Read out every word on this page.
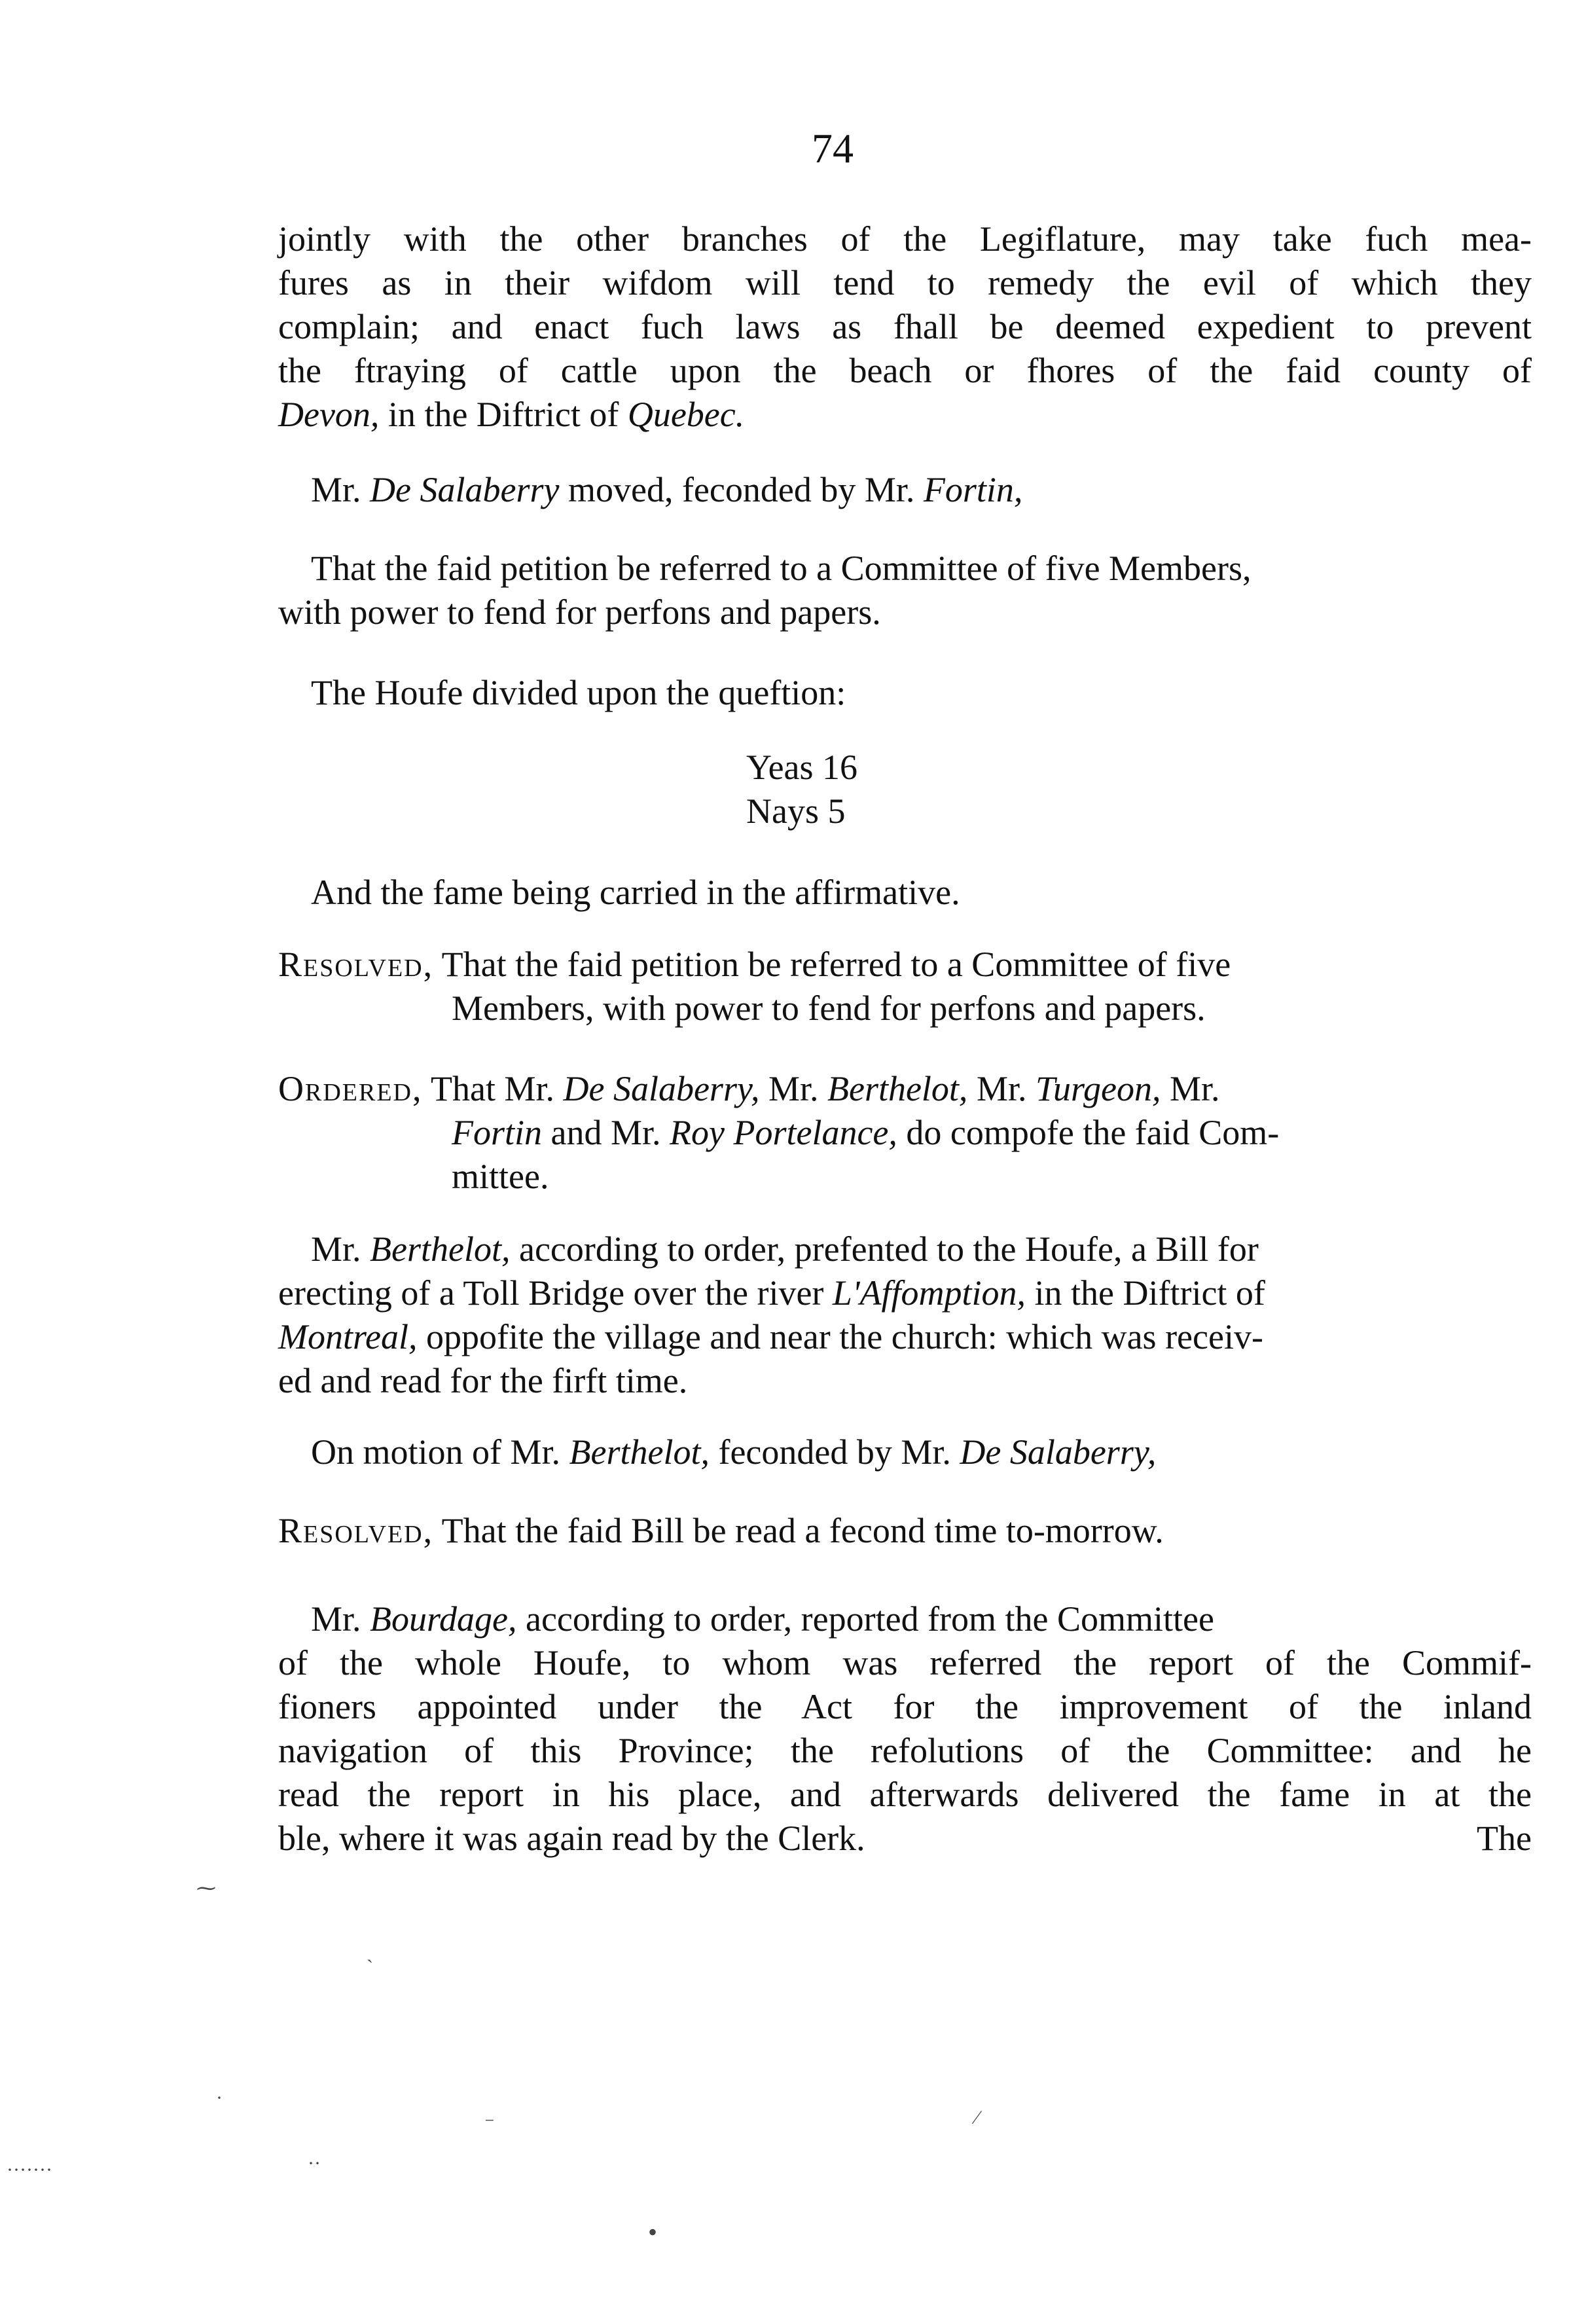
74
jointly with the other branches of the Legiflature, may take fuch mea-
fures as in their wifdom will tend to remedy the evil of which they
complain; and enact fuch laws as fhall be deemed expedient to prevent
the ftraying of cattle upon the beach or fhores of the faid county of
Devon, in the Diftrict of Quebec.
Mr. De Salaberry moved, feconded by Mr. Fortin,
That the faid petition be referred to a Committee of five Members,
with power to fend for perfons and papers.
The Houfe divided upon the queftion:
Yeas 16
Nays 5
And the fame being carried in the affirmative.
Resolved, That the faid petition be referred to a Committee of five
Members, with power to fend for perfons and papers.
Ordered, That Mr. De Salaberry, Mr. Berthelot, Mr. Turgeon, Mr.
Fortin and Mr. Roy Portelance, do compofe the faid Com-
mittee.
Mr. Berthelot, according to order, prefented to the Houfe, a Bill for
erecting of a Toll Bridge over the river L'Affomption, in the Diftrict of
Montreal, oppofite the village and near the church: which was receiv-
ed and read for the firft time.
On motion of Mr. Berthelot, feconded by Mr. De Salaberry,
Resolved, That the faid Bill be read a fecond time to-morrow.
Mr. Bourdage, according to order, reported from the Committee
of the whole Houfe, to whom was referred the report of the Commif-
fioners appointed under the Act for the improvement of the inland
navigation of this Province; the refolutions of the Committee: and he
read the report in his place, and afterwards delivered the fame in at the
ble, where it was again read by the Clerk.	The
⁓
ˋ
·
⁻
·······	··
•
⁄
